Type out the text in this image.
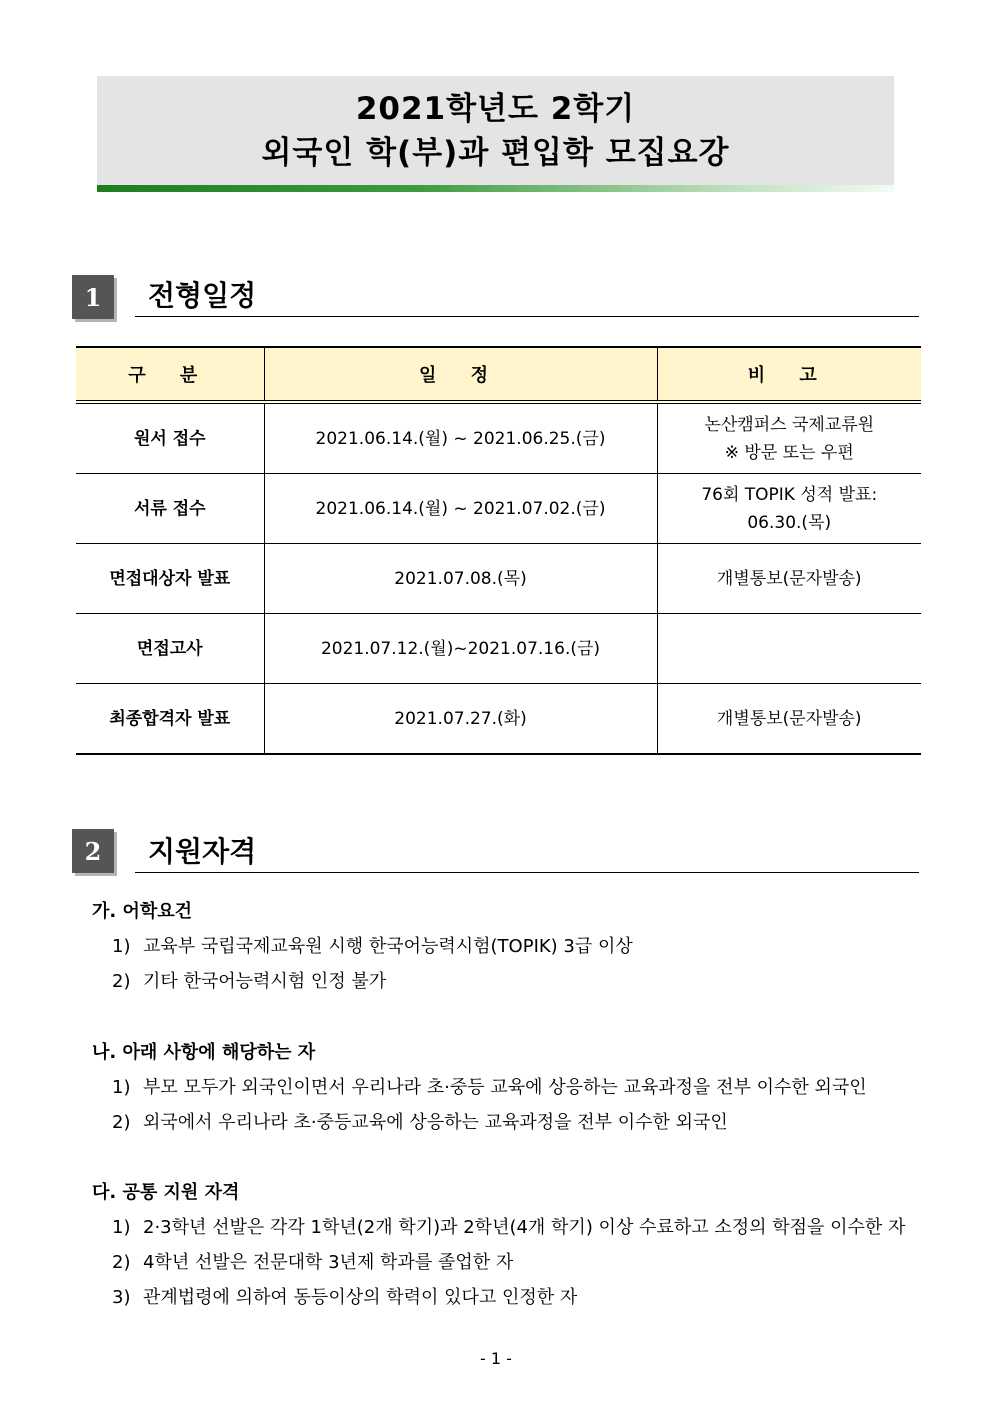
2021학년도 2학기
외국인 학(부)과 편입학 모집요강
1	전형일정
구 분	일 정	비 고
원서 접수	2021.06.14.(월) ~ 2021.06.25.(금)	논산캠퍼스 국제교류원
※ 방문 또는 우편

서류 접수	2021.06.14.(월) ~ 2021.07.02.(금)	76회 TOPIK 성적 발표:
06.30.(목)

면접대상자 발표	2021.07.08.(목)	개별통보(문자발송)
면접고사	2021.07.12.(월)~2021.07.16.(금)	
최종합격자 발표	2021.07.27.(화)	개별통보(문자발송)
2	지원자격
가. 어학요건
1) 교육부 국립국제교육원 시행 한국어능력시험(TOPIK) 3급 이상
2) 기타 한국어능력시험 인정 불가
나. 아래 사항에 해당하는 자
1) 부모 모두가 외국인이면서 우리나라 초·중등 교육에 상응하는 교육과정을 전부 이수한 외국인
2) 외국에서 우리나라 초·중등교육에 상응하는 교육과정을 전부 이수한 외국인
다. 공통 지원 자격
1) 2·3학년 선발은 각각 1학년(2개 학기)과 2학년(4개 학기) 이상 수료하고 소정의 학점을 이수한 자
2) 4학년 선발은 전문대학 3년제 학과를 졸업한 자
3) 관계법령에 의하여 동등이상의 학력이 있다고 인정한 자
- 1 -
